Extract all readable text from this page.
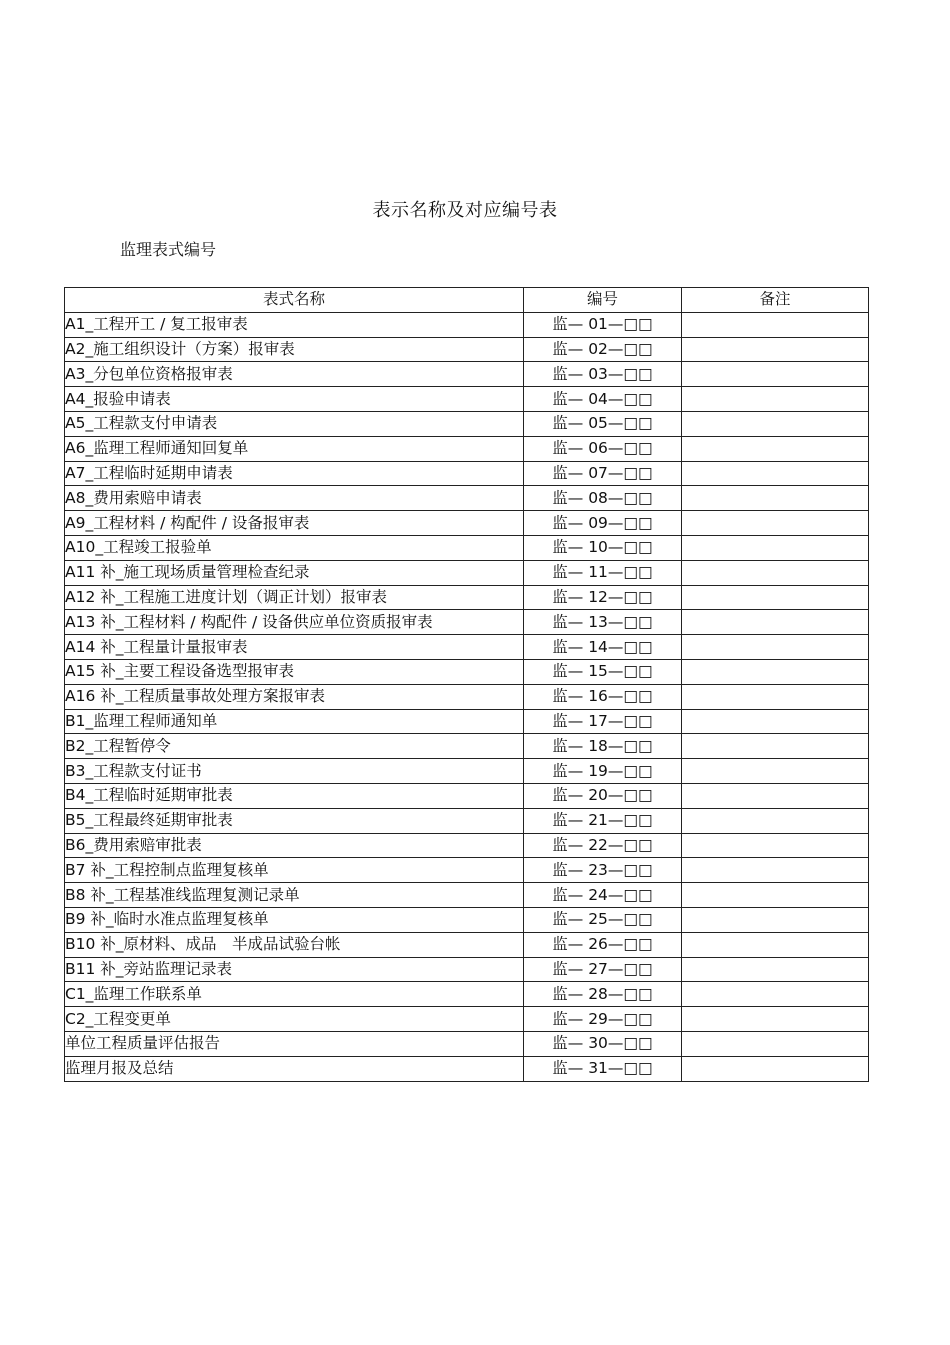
表示名称及对应编号表
监理表式编号
表式名称	编号	备注
A1_工程开工 / 复工报审表	监— 01—□□	
A2_施工组织设计（方案）报审表	监— 02—□□	
A3_分包单位资格报审表	监— 03—□□	
A4_报验申请表	监— 04—□□	
A5_工程款支付申请表	监— 05—□□	
A6_监理工程师通知回复单	监— 06—□□	
A7_工程临时延期申请表	监— 07—□□	
A8_费用索赔申请表	监— 08—□□	
A9_工程材料 / 构配件 / 设备报审表	监— 09—□□	
A10_工程竣工报验单	监— 10—□□	
A11 补_施工现场质量管理检查纪录	监— 11—□□	
A12 补_工程施工进度计划（调正计划）报审表	监— 12—□□	
A13 补_工程材料 / 构配件 / 设备供应单位资质报审表	监— 13—□□	
A14 补_工程量计量报审表	监— 14—□□	
A15 补_主要工程设备选型报审表	监— 15—□□	
A16 补_工程质量事故处理方案报审表	监— 16—□□	
B1_监理工程师通知单	监— 17—□□	
B2_工程暂停令	监— 18—□□	
B3_工程款支付证书	监— 19—□□	
B4_工程临时延期审批表	监— 20—□□	
B5_工程最终延期审批表	监— 21—□□	
B6_费用索赔审批表	监— 22—□□	
B7 补_工程控制点监理复核单	监— 23—□□	
B8 补_工程基准线监理复测记录单	监— 24—□□	
B9 补_临时水准点监理复核单	监— 25—□□	
B10 补_原材料、成品　半成品试验台帐	监— 26—□□	
B11 补_旁站监理记录表	监— 27—□□	
C1_监理工作联系单	监— 28—□□	
C2_工程变更单	监— 29—□□	
单位工程质量评估报告	监— 30—□□	
监理月报及总结	监— 31—□□	
